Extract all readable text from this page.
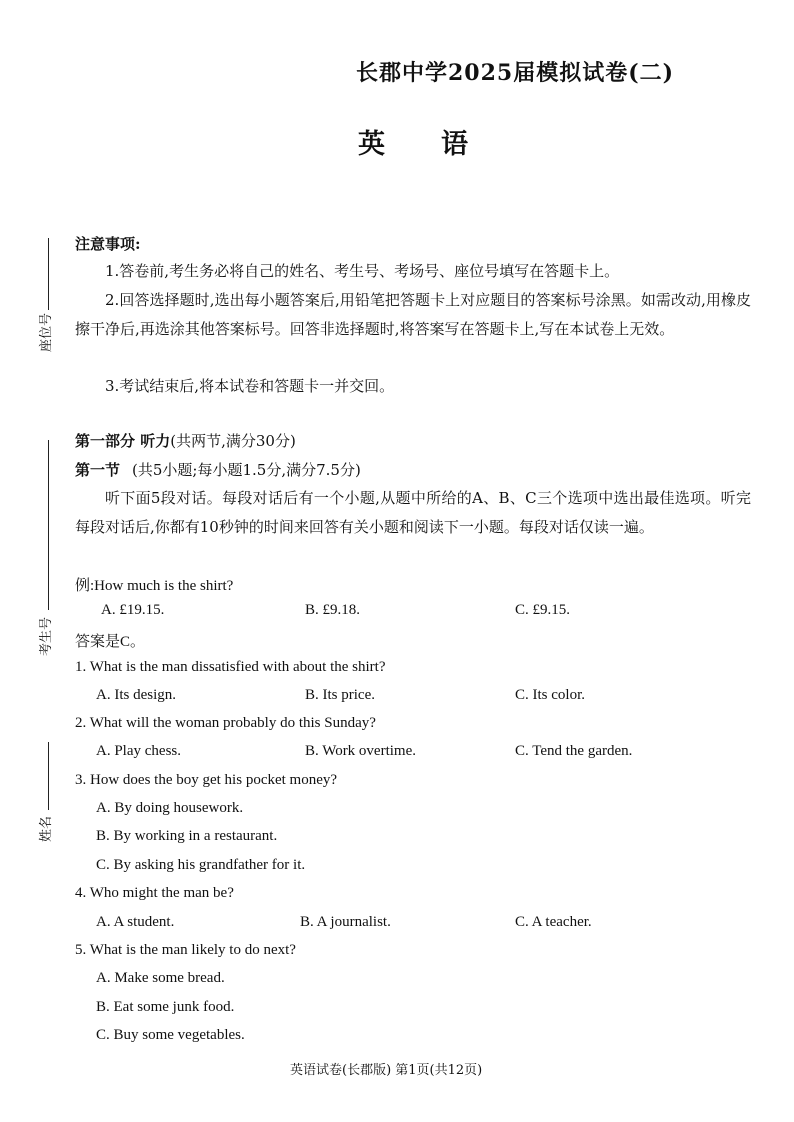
长郡中学2025届模拟试卷(二)
英语
座位号
考生号
姓名
注意事项:
1.答卷前,考生务必将自己的姓名、考生号、考场号、座位号填写在答题卡上。
2.回答选择题时,选出每小题答案后,用铅笔把答题卡上对应题目的答案标号涂黑。如需改动,用橡皮擦干净后,再选涂其他答案标号。回答非选择题时,将答案写在答题卡上,写在本试卷上无效。
3.考试结束后,将本试卷和答题卡一并交回。
第一部分 听力(共两节,满分30分)
第一节 (共5小题;每小题1.5分,满分7.5分)
听下面5段对话。每段对话后有一个小题,从题中所给的A、B、C三个选项中选出最佳选项。听完每段对话后,你都有10秒钟的时间来回答有关小题和阅读下一小题。每段对话仅读一遍。
例:How much is the shirt?
A. £19.15.	B. £9.18.	C. £9.15.
答案是C。
1. What is the man dissatisfied with about the shirt?
A. Its design.	B. Its price.	C. Its color.
2. What will the woman probably do this Sunday?
A. Play chess.	B. Work overtime.	C. Tend the garden.
3. How does the boy get his pocket money?
A. By doing housework.
B. By working in a restaurant.
C. By asking his grandfather for it.
4. Who might the man be?
A. A student.	B. A journalist.	C. A teacher.
5. What is the man likely to do next?
A. Make some bread.
B. Eat some junk food.
C. Buy some vegetables.
英语试卷(长郡版) 第1页(共12页)
